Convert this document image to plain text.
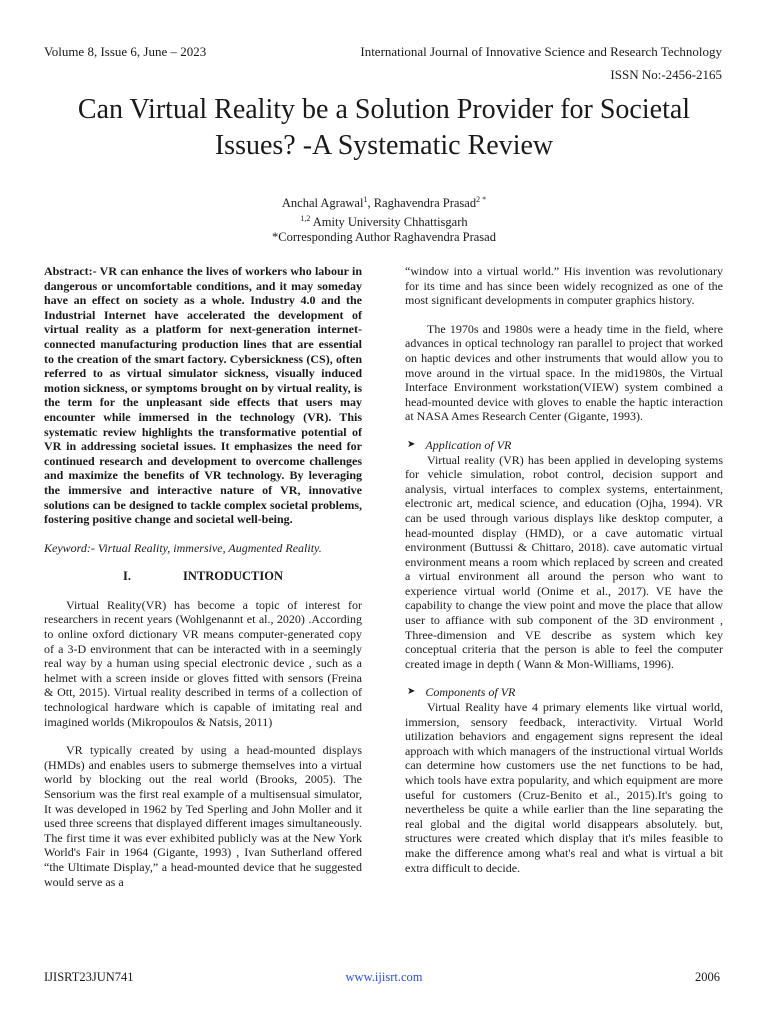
Volume 8, Issue 6, June – 2023	International Journal of Innovative Science and Research Technology
ISSN No:-2456-2165
Can Virtual Reality be a Solution Provider for Societal Issues? -A Systematic Review
Anchal Agrawal$^1$, Raghavendra Prasad$^{2 *}$
$^{1,2}$ Amity University Chhattisgarh
*Corresponding Author Raghavendra Prasad

Abstract:- VR can enhance the lives of workers who labour in dangerous or uncomfortable conditions, and it may someday have an effect on society as a whole. Industry 4.0 and the Industrial Internet have accelerated the development of virtual reality as a platform for next-generation internet-connected manufacturing production lines that are essential to the creation of the smart factory. Cybersickness (CS), often referred to as virtual simulator sickness, visually induced motion sickness, or symptoms brought on by virtual reality, is the term for the unpleasant side effects that users may encounter while immersed in the technology (VR). This systematic review highlights the transformative potential of VR in addressing societal issues. It emphasizes the need for continued research and development to overcome challenges and maximize the benefits of VR technology. By leveraging the immersive and interactive nature of VR, innovative solutions can be designed to tackle complex societal problems, fostering positive change and societal well-being.

Keyword:- Virtual Reality, immersive, Augmented Reality.

I.	INTRODUCTION

Virtual Reality(VR) has become a topic of interest for researchers in recent years (Wohlgenannt et al., 2020) .According to online oxford dictionary VR means computer-generated copy of a 3-D environment that can be interacted with in a seemingly real way by a human using special electronic device , such as a helmet with a screen inside or gloves fitted with sensors (Freina & Ott, 2015). Virtual reality described in terms of a collection of technological hardware which is capable of imitating real and imagined worlds (Mikropoulos & Natsis, 2011)

VR typically created by using a head-mounted displays (HMDs) and enables users to submerge themselves into a virtual world by blocking out the real world (Brooks, 2005). The Sensorium was the first real example of a multisensual simulator, It was developed in 1962 by Ted Sperling and John Moller and it used three screens that displayed different images simultaneously. The first time it was ever exhibited publicly was at the New York World's Fair in 1964 (Gigante, 1993) , Ivan Sutherland offered “the Ultimate Display,” a head-mounted device that he suggested would serve as a

“window into a virtual world.” His invention was revolutionary for its time and has since been widely recognized as one of the most significant developments in computer graphics history.

The 1970s and 1980s were a heady time in the field, where advances in optical technology ran parallel to project that worked on haptic devices and other instruments that would allow you to move around in the virtual space. In the mid1980s, the Virtual Interface Environment workstation(VIEW) system combined a head-mounted device with gloves to enable the haptic interaction at NASA Ames Research Center (Gigante, 1993).

➤ Application of VR

Virtual reality (VR) has been applied in developing systems for vehicle simulation, robot control, decision support and analysis, virtual interfaces to complex systems, entertainment, electronic art, medical science, and education (Ojha, 1994). VR can be used through various displays like desktop computer, a head-mounted display (HMD), or a cave automatic virtual environment (Buttussi & Chittaro, 2018). cave automatic virtual environment means a room which replaced by screen and created a virtual environment all around the person who want to experience virtual world (Onime et al., 2017). VE have the capability to change the view point and move the place that allow user to affiance with sub component of the 3D environment , Three-dimension and VE describe as system which key conceptual criteria that the person is able to feel the computer created image in depth ( Wann & Mon-Williams, 1996).

➤ Components of VR

Virtual Reality have 4 primary elements like virtual world, immersion, sensory feedback, interactivity. Virtual World utilization behaviors and engagement signs represent the ideal approach with which managers of the instructional virtual Worlds can determine how customers use the net functions to be had, which tools have extra popularity, and which equipment are more useful for customers (Cruz-Benito et al., 2015).It's going to nevertheless be quite a while earlier than the line separating the real global and the digital world disappears absolutely. but, structures were created which display that it's miles feasible to make the difference among what's real and what is virtual a bit extra difficult to decide.

IJISRT23JUN741	www.ijisrt.com	2006
